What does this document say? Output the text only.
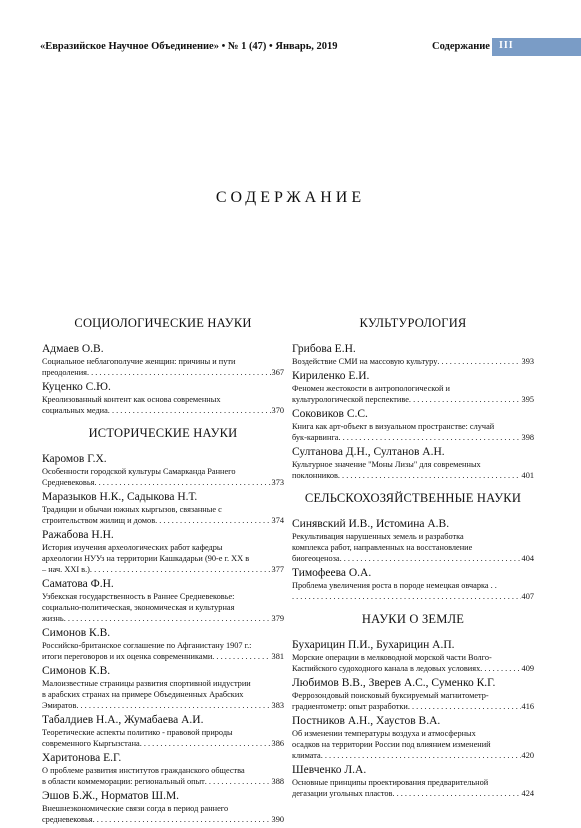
«Евразийское Научное Объединение» • № 1 (47) • Январь, 2019	Содержание III
СОДЕРЖАНИЕ
СОЦИОЛОГИЧЕСКИЕ НАУКИ
Адмаев О.В.
Социальное неблагополучие женщин: причины и пути
преодоления . . .	367
Куценко С.Ю.
Креолизованный контент как основа современных
социальных медиа . . .	370
ИСТОРИЧЕСКИЕ НАУКИ
Каромов Г.Х.
Особенности городской культуры Самарканда Раннего
Средневековья . . .	373
Маразыков Н.К., Садыкова Н.Т.
Традиции и обычаи южных кыргызов, связанные с
строительством жилищ и домов . . .	374
Ражабова Н.Н.
История изучения археологических работ кафедры
археологии НУУз на территории Кашкадарьи (90-е г. XX в
– нач. XXI в.) . . .	377
Саматова Ф.Н.
Узбекская государственность в Раннее Средневековье:
социально-политическая, экономическая и культурная
жизнь . . .	379
Симонов К.В.
Российско-британское соглашение по Афганистану 1907 г.:
итоги переговоров и их оценка современниками . . .	381
Симонов К.В.
Малоизвестные страницы развития спортивной индустрии
в арабских странах на примере Объединенных Арабских
Эмиратов . . .	383
Табалдиев Н.А., Жумабаева А.И.
Теоретические аспекты политико - правовой природы
современного Кыргызстана . . .	386
Харитонова Е.Г.
О проблеме развития институтов гражданского общества
в области коммеморации: региональный опыт . . .	388
Эшов Б.Ж., Норматов Ш.М.
Внешнеэкономические связи согда в период раннего
средневековья . . .	390
КУЛЬТУРОЛОГИЯ
Грибова Е.Н.
Воздействие СМИ на массовую культуру . . .	393
Кириленко Е.И.
Феномен жестокости в антропологической и
культурологической перспективе . . .	395
Соковиков С.С.
Книга как арт-объект в визуальном пространстве: случай
бук-карвинга . . .	398
Султанова Д.Н., Султанов А.Н.
Культурное значение "Моны Лизы" для современных
поклонников . . .	401
СЕЛЬСКОХОЗЯЙСТВЕННЫЕ НАУКИ
Синявский И.В., Истомина А.В.
Рекультивация нарушенных земель и разработка
комплекса работ, направленных на восстановление
биогеоценоза . . .	404
Тимофеева О.А.
Проблема увеличения роста в породе немецкая овчарка . .
. . .
407
НАУКИ О ЗЕМЛЕ
Бухарицин П.И., Бухарицин А.П.
Морские операции в мелководной морской части Волго-
Каспийского судоходного канала в ледовых условиях . . .	409
Любимов В.В., Зверев А.С., Суменко К.Г.
Феррозондовый поисковый буксируемый магнитометр-
градиентометр: опыт разработки . . .	416
Постников А.Н., Хаустов В.А.
Об изменении температуры воздуха и атмосферных
осадков на территории России под влиянием изменений
климата . . .	420
Шевченко Л.А.
Основные принципы проектирования предварительной
дегазации угольных пластов . . .	424
